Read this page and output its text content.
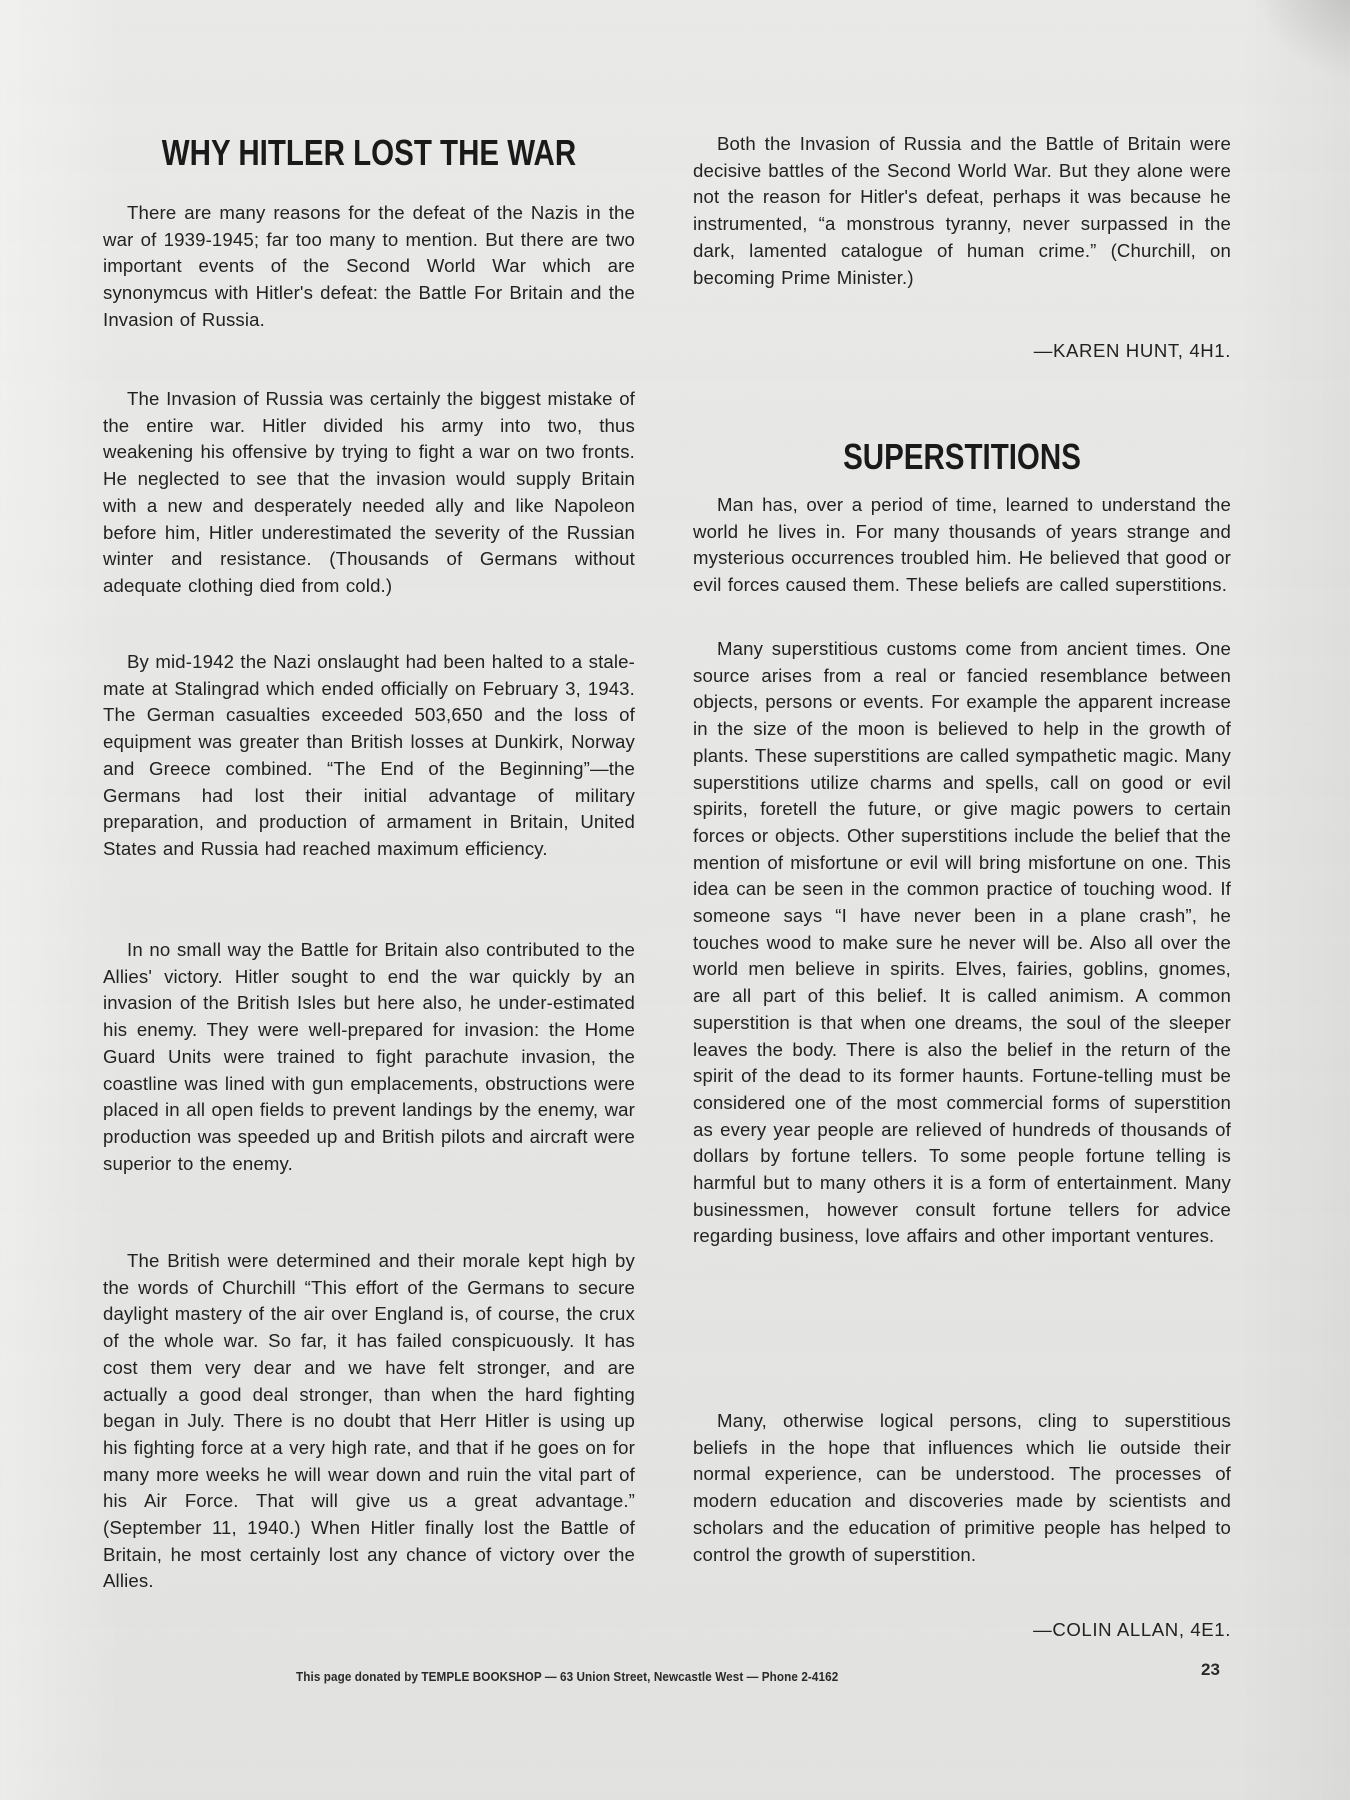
WHY HITLER LOST THE WAR

There are many reasons for the defeat of the Nazis in the war of 1939-1945; far too many to mention. But there are two important events of the Second World War which are synonymcus with Hitler's defeat: the Battle For Britain and the Invasion of Russia.

The Invasion of Russia was certainly the biggest mistake of the entire war. Hitler divided his army into two, thus weakening his offensive by trying to fight a war on two fronts. He neglected to see that the invasion would supply Britain with a new and desperately needed ally and like Napoleon before him, Hitler underestimated the severity of the Russian winter and resistance. (Thousands of Germans without adequate clothing died from cold.)

By mid-1942 the Nazi onslaught had been halted to a stale-mate at Stalingrad which ended officially on February 3, 1943. The German casualties exceeded 503,650 and the loss of equipment was greater than British losses at Dunkirk, Norway and Greece combined. “The End of the Beginning”—the Germans had lost their initial advantage of military preparation, and production of armament in Britain, United States and Russia had reached maximum efficiency.

In no small way the Battle for Britain also contributed to the Allies' victory. Hitler sought to end the war quickly by an invasion of the British Isles but here also, he under-estimated his enemy. They were well-prepared for invasion: the Home Guard Units were trained to fight parachute invasion, the coastline was lined with gun emplacements, obstructions were placed in all open fields to prevent landings by the enemy, war production was speeded up and British pilots and aircraft were superior to the enemy.

The British were determined and their morale kept high by the words of Churchill “This effort of the Germans to secure daylight mastery of the air over England is, of course, the crux of the whole war. So far, it has failed conspicuously. It has cost them very dear and we have felt stronger, and are actually a good deal stronger, than when the hard fighting began in July. There is no doubt that Herr Hitler is using up his fighting force at a very high rate, and that if he goes on for many more weeks he will wear down and ruin the vital part of his Air Force. That will give us a great advantage.” (September 11, 1940.) When Hitler finally lost the Battle of Britain, he most certainly lost any chance of victory over the Allies.

Both the Invasion of Russia and the Battle of Britain were decisive battles of the Second World War. But they alone were not the reason for Hitler's defeat, perhaps it was because he instrumented, “a monstrous tyranny, never surpassed in the dark, lamented catalogue of human crime.” (Churchill, on becoming Prime Minister.)

—KAREN HUNT, 4H1.

SUPERSTITIONS

Man has, over a period of time, learned to understand the world he lives in. For many thousands of years strange and mysterious occurrences troubled him. He believed that good or evil forces caused them. These beliefs are called superstitions.

Many superstitious customs come from ancient times. One source arises from a real or fancied resemblance between objects, persons or events. For example the apparent increase in the size of the moon is believed to help in the growth of plants. These superstitions are called sympathetic magic. Many superstitions utilize charms and spells, call on good or evil spirits, foretell the future, or give magic powers to certain forces or objects. Other superstitions include the belief that the mention of misfortune or evil will bring misfortune on one. This idea can be seen in the common practice of touching wood. If someone says “I have never been in a plane crash”, he touches wood to make sure he never will be. Also all over the world men believe in spirits. Elves, fairies, goblins, gnomes, are all part of this belief. It is called animism. A common superstition is that when one dreams, the soul of the sleeper leaves the body. There is also the belief in the return of the spirit of the dead to its former haunts. Fortune-telling must be considered one of the most commercial forms of superstition as every year people are relieved of hundreds of thousands of dollars by fortune tellers. To some people fortune telling is harmful but to many others it is a form of entertainment. Many businessmen, however consult fortune tellers for advice regarding business, love affairs and other important ventures.

Many, otherwise logical persons, cling to superstitious beliefs in the hope that influences which lie outside their normal experience, can be understood. The processes of modern education and discoveries made by scientists and scholars and the education of primitive people has helped to control the growth of superstition.

—COLIN ALLAN, 4E1.

This page donated by TEMPLE BOOKSHOP — 63 Union Street, Newcastle West — Phone 2-4162	23
